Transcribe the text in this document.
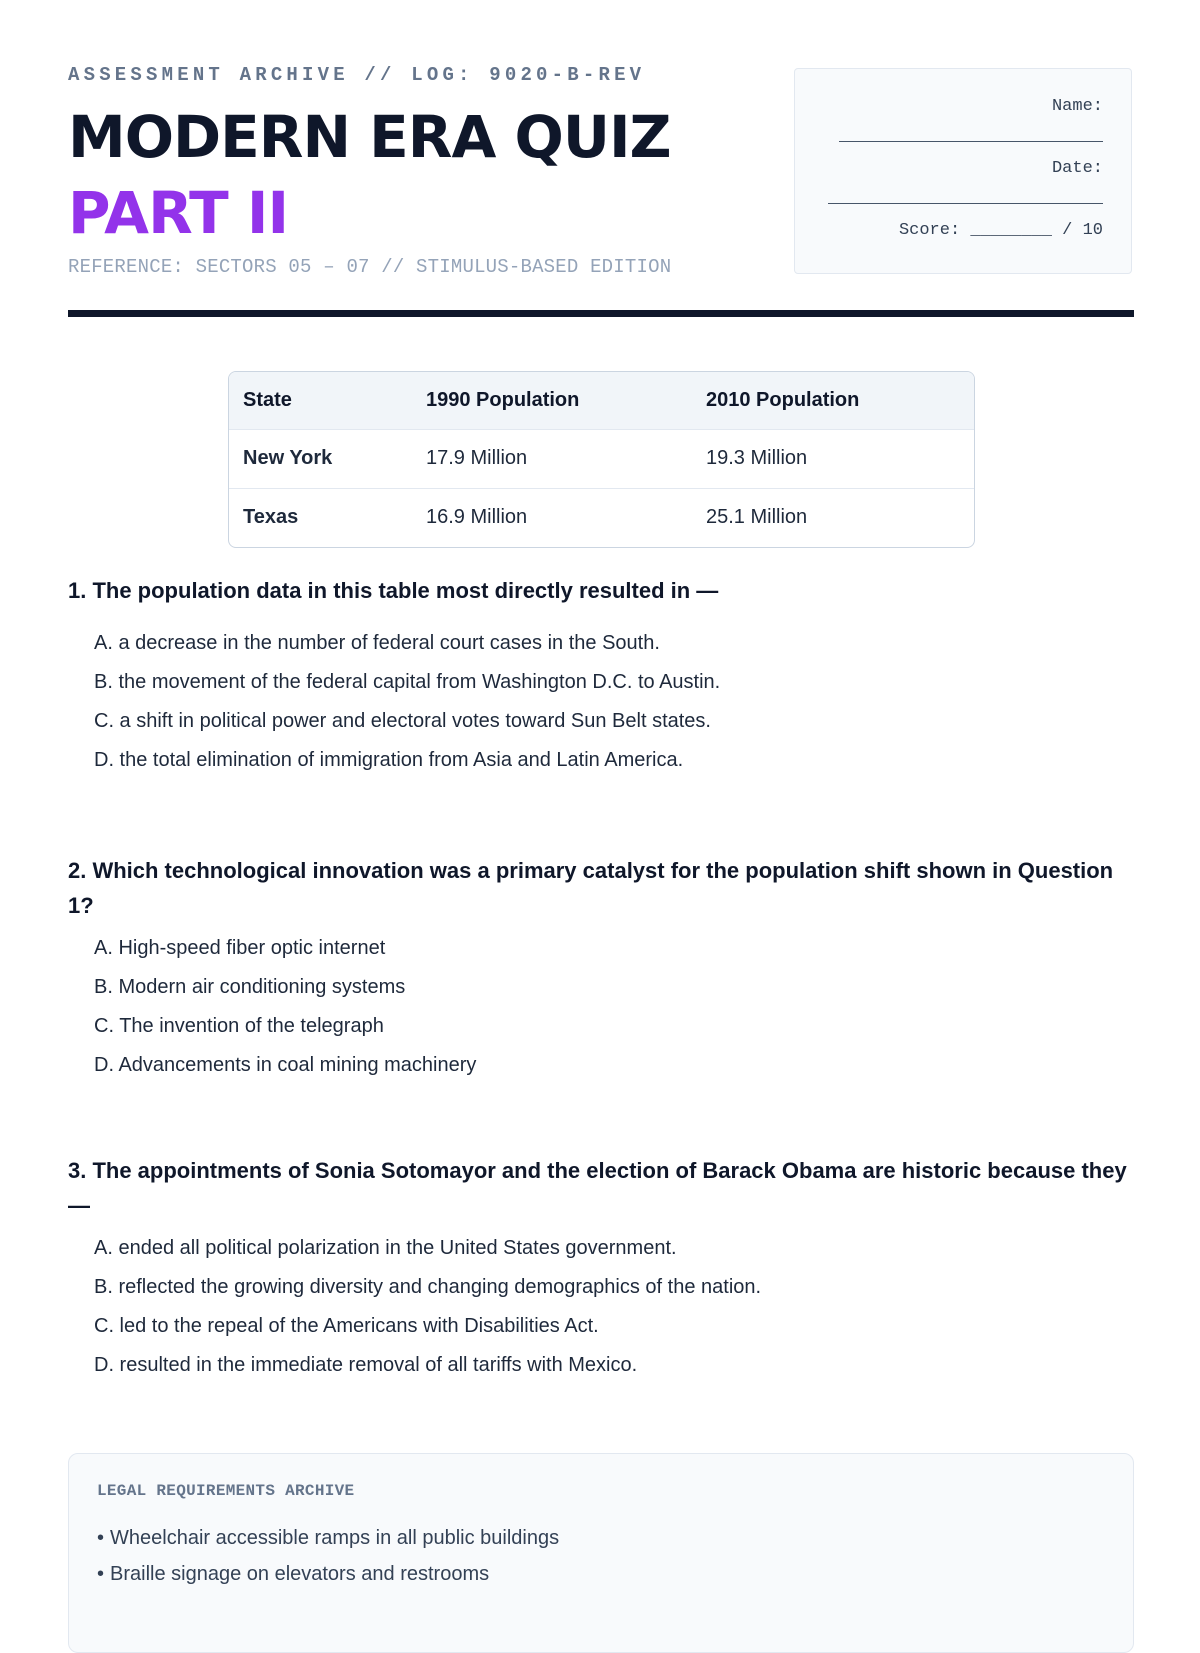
ASSESSMENT ARCHIVE // LOG: 9020-B-REV
MODERN ERA QUIZ
PART II
REFERENCE: SECTORS 05 – 07 // STIMULUS-BASED EDITION
Name:
Date:
Score: ________ / 10
State	1990 Population	2010 Population
New York	17.9 Million	19.3 Million
Texas	16.9 Million	25.1 Million

1. The population data in this table most directly resulted in —

A. a decrease in the number of federal court cases in the South.
B. the movement of the federal capital from Washington D.C. to Austin.
C. a shift in political power and electoral votes toward Sun Belt states.
D. the total elimination of immigration from Asia and Latin America.

2. Which technological innovation was a primary catalyst for the population shift shown in Question 1?

A. High-speed fiber optic internet
B. Modern air conditioning systems
C. The invention of the telegraph
D. Advancements in coal mining machinery

3. The appointments of Sonia Sotomayor and the election of Barack Obama are historic because they —

A. ended all political polarization in the United States government.
B. reflected the growing diversity and changing demographics of the nation.
C. led to the repeal of the Americans with Disabilities Act.
D. resulted in the immediate removal of all tariffs with Mexico.
LEGAL REQUIREMENTS ARCHIVE
• Wheelchair accessible ramps in all public buildings
• Braille signage on elevators and restrooms
